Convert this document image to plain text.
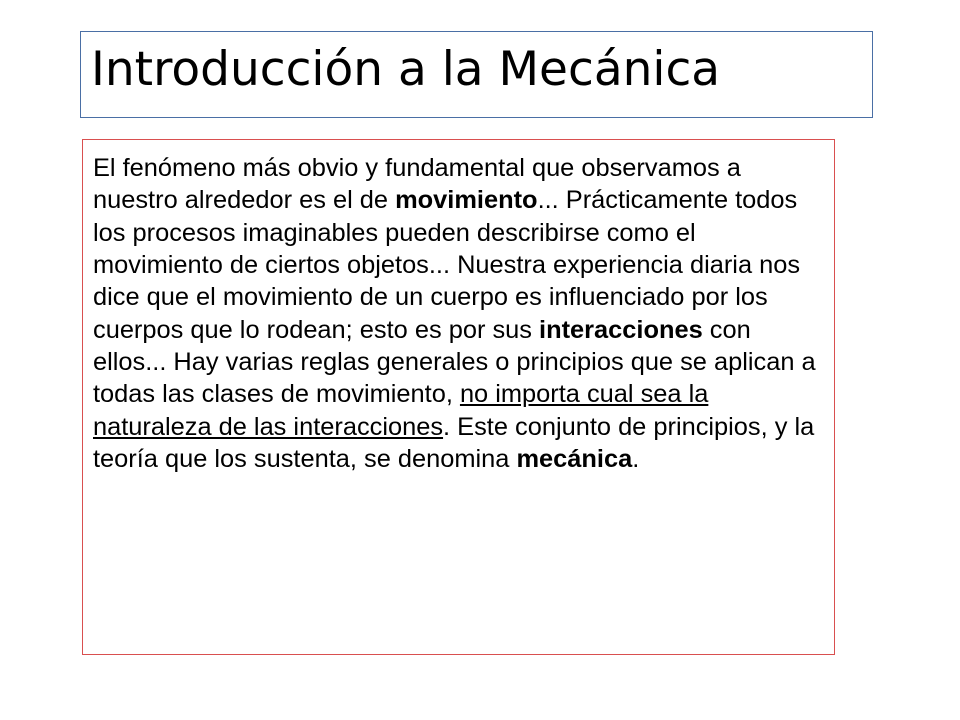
Introducción a la Mecánica

El fenómeno más obvio y fundamental que observamos a nuestro alrededor es el de movimiento... Prácticamente todos los procesos imaginables pueden describirse como el movimiento de ciertos objetos... Nuestra experiencia diaria nos dice que el movimiento de un cuerpo es influenciado por los cuerpos que lo rodean; esto es por sus interacciones con ellos... Hay varias reglas generales o principios que se aplican a todas las clases de movimiento, no importa cual sea la naturaleza de las interacciones. Este conjunto de principios, y la teoría que los sustenta, se denomina mecánica.
